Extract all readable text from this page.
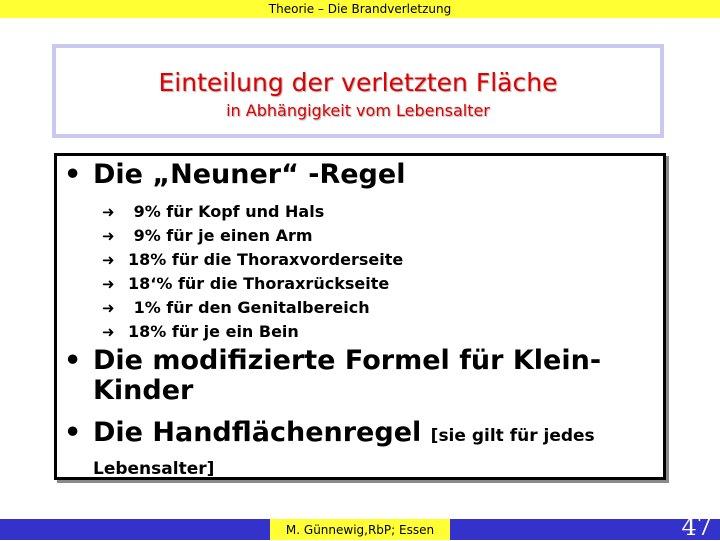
Theorie – Die Brandverletzung
Einteilung der verletzten Fläche
in Abhängigkeit vom Lebensalter
• Die „Neuner“ -Regel
➜ 9% für Kopf und Hals
➜ 9% für je einen Arm
➜ 18% für die Thoraxvorderseite
➜ 18‘% für die Thoraxrückseite
➜ 1% für den Genitalbereich
➜ 18% für je ein Bein
• Die modifizierte Formel für Klein-Kinder
• Die Handflächenregel [sie gilt für jedes Lebensalter]
M. Günnewig,RbP; Essen	47
